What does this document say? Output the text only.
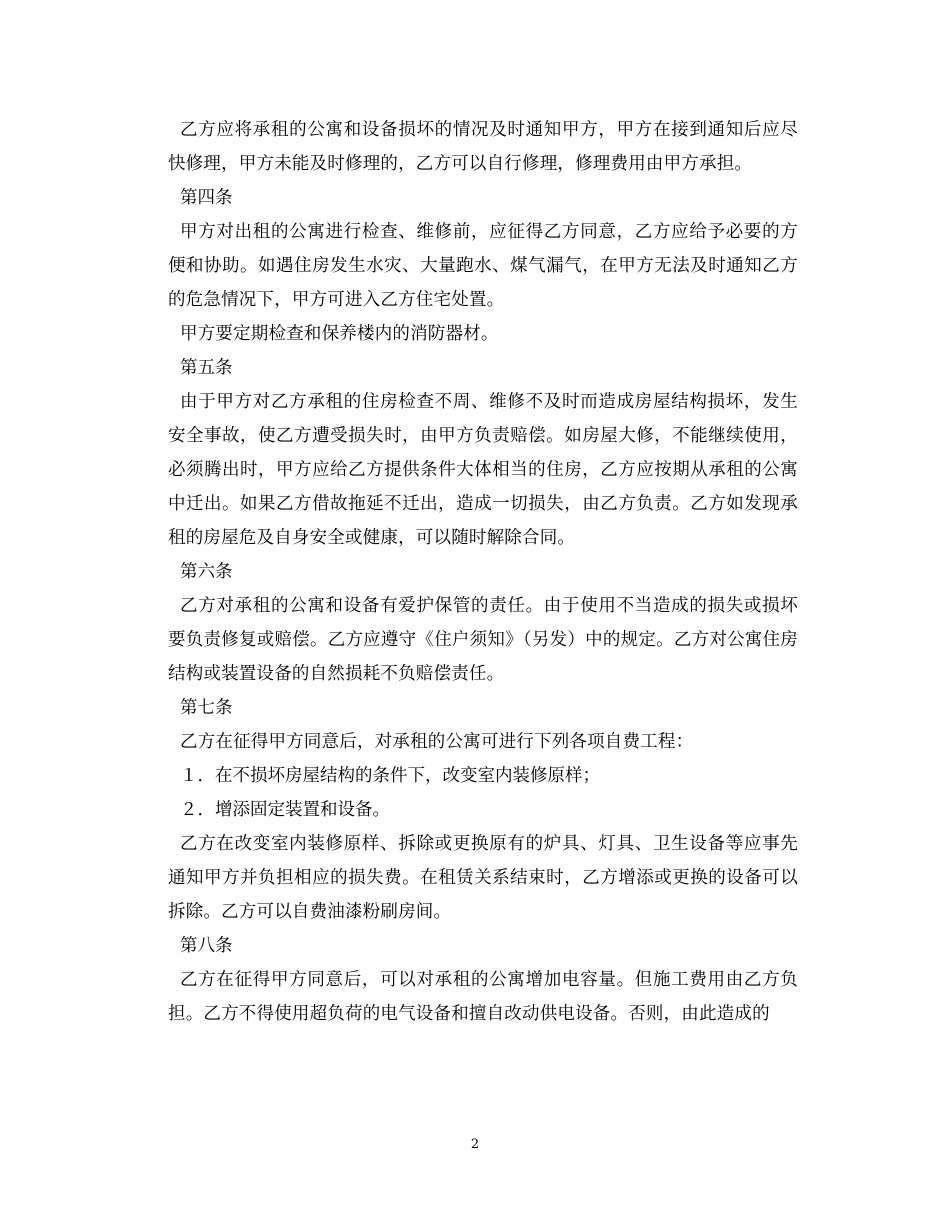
乙方应将承租的公寓和设备损坏的情况及时通知甲方，甲方在接到通知后应尽快修理，甲方未能及时修理的，乙方可以自行修理，修理费用由甲方承担。

第四条

甲方对出租的公寓进行检查、维修前，应征得乙方同意，乙方应给予必要的方便和协助。如遇住房发生水灾、大量跑水、煤气漏气，在甲方无法及时通知乙方的危急情况下，甲方可进入乙方住宅处置。

甲方要定期检查和保养楼内的消防器材。

第五条

由于甲方对乙方承租的住房检查不周、维修不及时而造成房屋结构损坏，发生安全事故，使乙方遭受损失时，由甲方负责赔偿。如房屋大修，不能继续使用，必须腾出时，甲方应给乙方提供条件大体相当的住房，乙方应按期从承租的公寓中迁出。如果乙方借故拖延不迁出，造成一切损失，由乙方负责。乙方如发现承租的房屋危及自身安全或健康，可以随时解除合同。

第六条

乙方对承租的公寓和设备有爱护保管的责任。由于使用不当造成的损失或损坏要负责修复或赔偿。乙方应遵守《住户须知》（另发）中的规定。乙方对公寓住房结构或装置设备的自然损耗不负赔偿责任。

第七条

乙方在征得甲方同意后，对承租的公寓可进行下列各项自费工程：

１．在不损坏房屋结构的条件下，改变室内装修原样；

２．增添固定装置和设备。

乙方在改变室内装修原样、拆除或更换原有的炉具、灯具、卫生设备等应事先通知甲方并负担相应的损失费。在租赁关系结束时，乙方增添或更换的设备可以拆除。乙方可以自费油漆粉刷房间。

第八条

乙方在征得甲方同意后，可以对承租的公寓增加电容量。但施工费用由乙方负担。乙方不得使用超负荷的电气设备和擅自改动供电设备。否则，由此造成的

2
